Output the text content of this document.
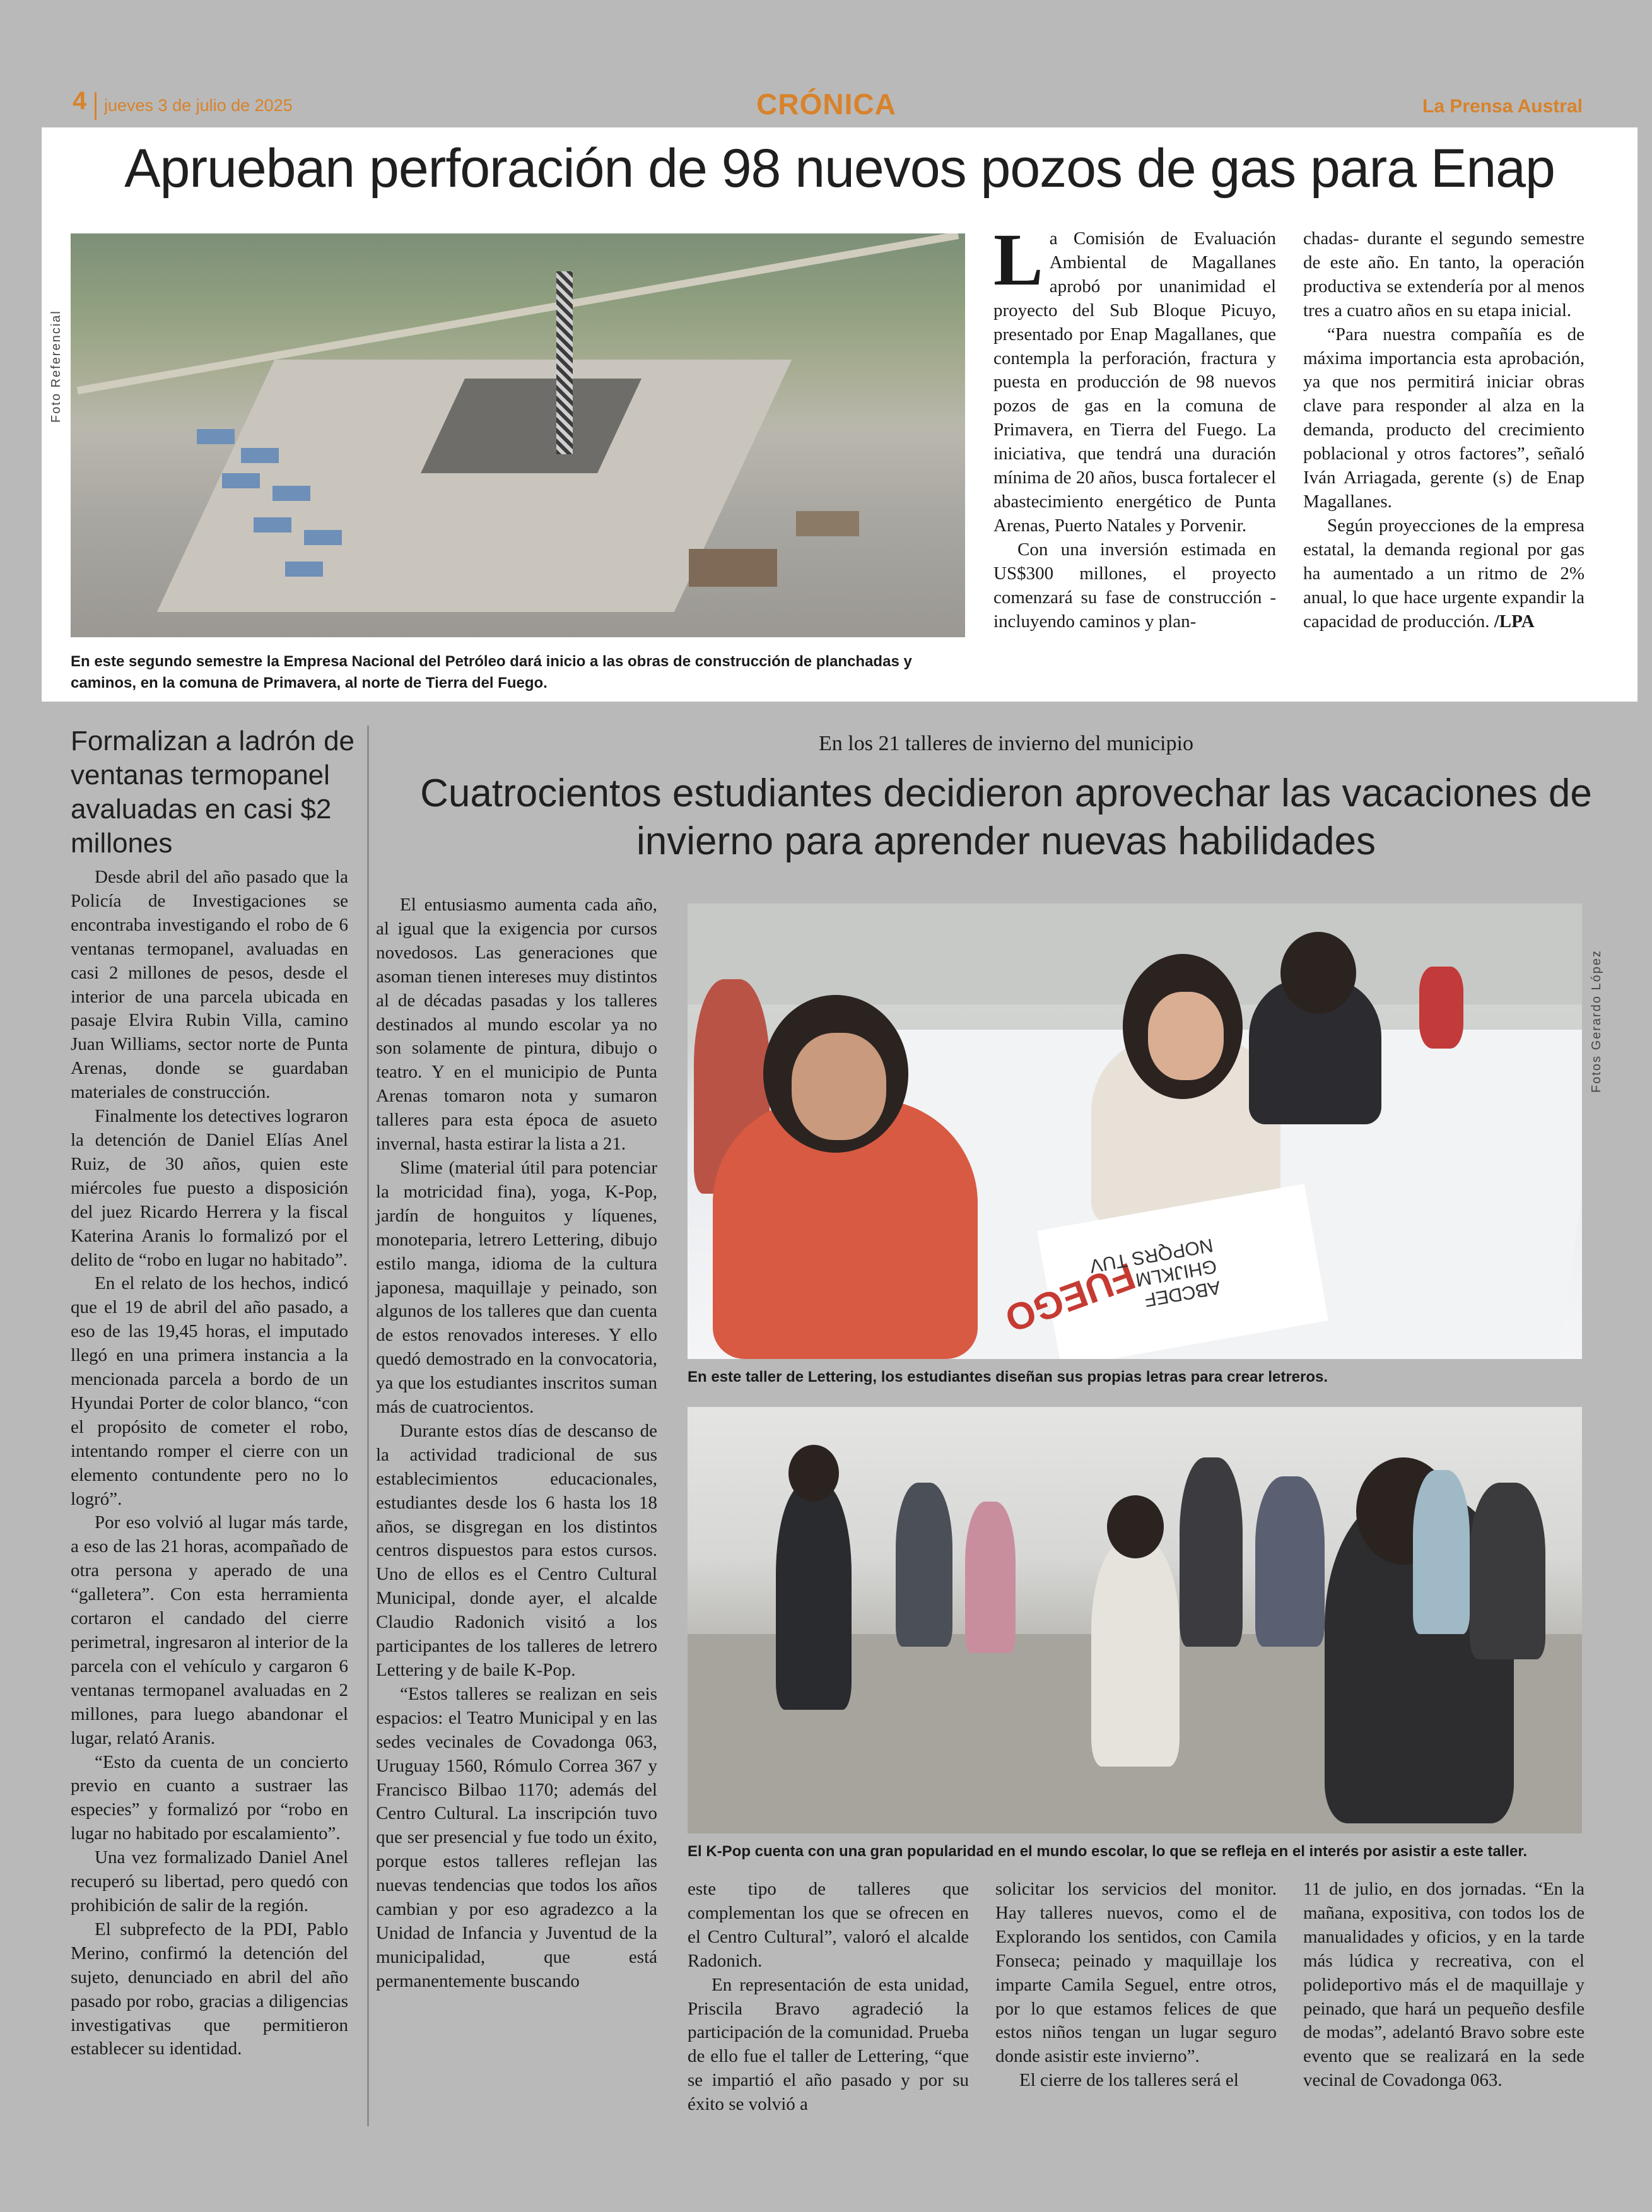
4 jueves 3 de julio de 2025	CRÓNICA	La Prensa Austral
Aprueban perforación de 98 nuevos pozos de gas para Enap
Foto Referencial
En este segundo semestre la Empresa Nacional del Petróleo dará inicio a las obras de construcción de planchadas y caminos, en la comuna de Primavera, al norte de Tierra del Fuego.
L a Comisión de Evaluación Ambiental de Magallanes aprobó por unanimidad el proyecto del Sub Bloque Picuyo, presentado por Enap Magallanes, que contempla la perforación, fractura y puesta en producción de 98 nuevos pozos de gas en la comuna de Primavera, en Tierra del Fuego. La iniciativa, que tendrá una duración mínima de 20 años, busca fortalecer el abastecimiento energético de Punta Arenas, Puerto Natales y Porvenir.

Con una inversión estimada en US$300 millones, el proyecto comenzará su fase de construcción -incluyendo caminos y plan-

chadas- durante el segundo semestre de este año. En tanto, la operación productiva se extendería por al menos tres a cuatro años en su etapa inicial.

“Para nuestra compañía es de máxima importancia esta aprobación, ya que nos permitirá iniciar obras clave para responder al alza en la demanda, producto del crecimiento poblacional y otros factores”, señaló Iván Arriagada, gerente (s) de Enap Magallanes.

Según proyecciones de la empresa estatal, la demanda regional por gas ha aumentado a un ritmo de 2% anual, lo que hace urgente expandir la capacidad de producción. /LPA

Formalizan a ladrón de ventanas termopanel avaluadas en casi $2 millones

Desde abril del año pasado que la Policía de Investigaciones se encontraba investigando el robo de 6 ventanas termopanel, avaluadas en casi 2 millones de pesos, desde el interior de una parcela ubicada en pasaje Elvira Rubin Villa, camino Juan Williams, sector norte de Punta Arenas, donde se guardaban materiales de construcción.

Finalmente los detectives lograron la detención de Daniel Elías Anel Ruiz, de 30 años, quien este miércoles fue puesto a disposición del juez Ricardo Herrera y la fiscal Katerina Aranis lo formalizó por el delito de “robo en lugar no habitado”.

En el relato de los hechos, indicó que el 19 de abril del año pasado, a eso de las 19,45 horas, el imputado llegó en una primera instancia a la mencionada parcela a bordo de un Hyundai Porter de color blanco, “con el propósito de cometer el robo, intentando romper el cierre con un elemento contundente pero no lo logró”.

Por eso volvió al lugar más tarde, a eso de las 21 horas, acompañado de otra persona y aperado de una “galletera”. Con esta herramienta cortaron el candado del cierre perimetral, ingresaron al interior de la parcela con el vehículo y cargaron 6 ventanas termopanel avaluadas en 2 millones, para luego abandonar el lugar, relató Aranis.

“Esto da cuenta de un concierto previo en cuanto a sustraer las especies” y formalizó por “robo en lugar no habitado por escalamiento”.

Una vez formalizado Daniel Anel recuperó su libertad, pero quedó con prohibición de salir de la región.

El subprefecto de la PDI, Pablo Merino, confirmó la detención del sujeto, denunciado en abril del año pasado por robo, gracias a diligencias investigativas que permitieron establecer su identidad.

En los 21 talleres de invierno del municipio
Cuatrocientos estudiantes decidieron aprovechar las vacaciones de invierno para aprender nuevas habilidades

El entusiasmo aumenta cada año, al igual que la exigencia por cursos novedosos. Las generaciones que asoman tienen intereses muy distintos al de décadas pasadas y los talleres destinados al mundo escolar ya no son solamente de pintura, dibujo o teatro. Y en el municipio de Punta Arenas tomaron nota y sumaron talleres para esta época de asueto invernal, hasta estirar la lista a 21.

Slime (material útil para potenciar la motricidad fina), yoga, K-Pop, jardín de honguitos y líquenes, monoteparia, letrero Lettering, dibujo estilo manga, idioma de la cultura japonesa, maquillaje y peinado, son algunos de los talleres que dan cuenta de estos renovados intereses. Y ello quedó demostrado en la convocatoria, ya que los estudiantes inscritos suman más de cuatrocientos.

Durante estos días de descanso de la actividad tradicional de sus establecimientos educacionales, estudiantes desde los 6 hasta los 18 años, se disgregan en los distintos centros dispuestos para estos cursos. Uno de ellos es el Centro Cultural Municipal, donde ayer, el alcalde Claudio Radonich visitó a los participantes de los talleres de letrero Lettering y de baile K-Pop.

“Estos talleres se realizan en seis espacios: el Teatro Municipal y en las sedes vecinales de Covadonga 063, Uruguay 1560, Rómulo Correa 367 y Francisco Bilbao 1170; además del Centro Cultural. La inscripción tuvo que ser presencial y fue todo un éxito, porque estos talleres reflejan las nuevas tendencias que todos los años cambian y por eso agradezco a la Unidad de Infancia y Juventud de la municipalidad, que está permanentemente buscando

FUEGO ABCDEF GHIJKLM NOPQRS TUV
Fotos Gerardo López
En este taller de Lettering, los estudiantes diseñan sus propias letras para crear letreros.
El K-Pop cuenta con una gran popularidad en el mundo escolar, lo que se refleja en el interés por asistir a este taller.

este tipo de talleres que complementan los que se ofrecen en el Centro Cultural”, valoró el alcalde Radonich.

En representación de esta unidad, Priscila Bravo agradeció la participación de la comunidad. Prueba de ello fue el taller de Lettering, “que se impartió el año pasado y por su éxito se volvió a

solicitar los servicios del monitor. Hay talleres nuevos, como el de Explorando los sentidos, con Camila Fonseca; peinado y maquillaje los imparte Camila Seguel, entre otros, por lo que estamos felices de que estos niños tengan un lugar seguro donde asistir este invierno”.

El cierre de los talleres será el

11 de julio, en dos jornadas. “En la mañana, expositiva, con todos los de manualidades y oficios, y en la tarde más lúdica y recreativa, con el polideportivo más el de maquillaje y peinado, que hará un pequeño desfile de modas”, adelantó Bravo sobre este evento que se realizará en la sede vecinal de Covadonga 063.
